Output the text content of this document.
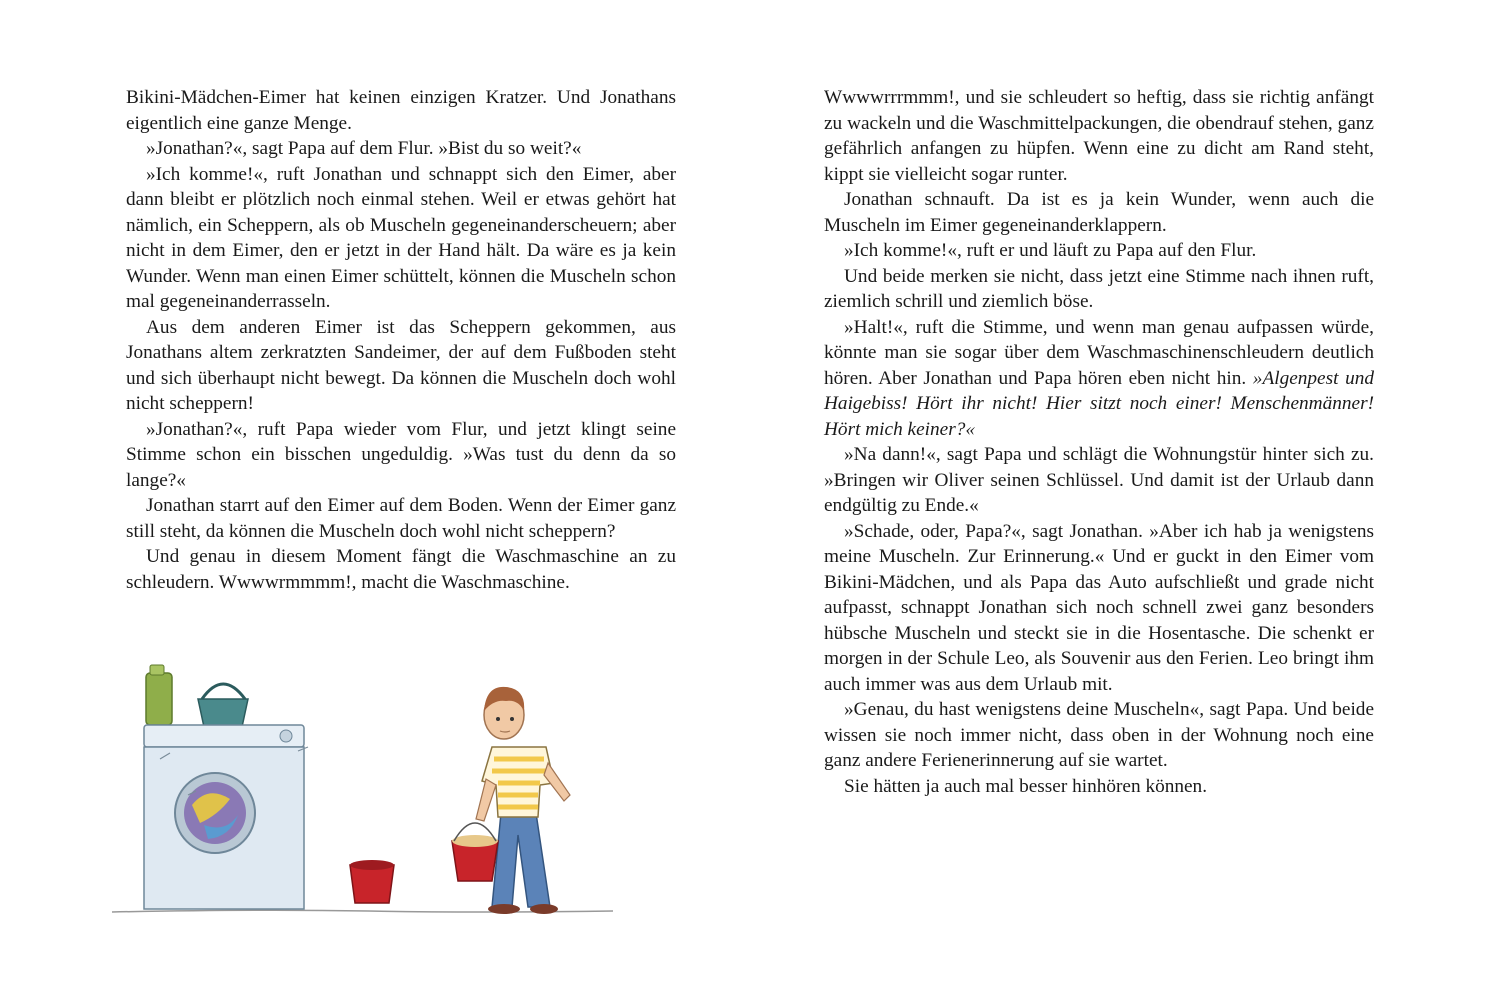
Bikini-Mädchen-Eimer hat keinen einzigen Kratzer. Und Jonathans eigentlich eine ganze Menge.

»Jonathan?«, sagt Papa auf dem Flur. »Bist du so weit?«

»Ich komme!«, ruft Jonathan und schnappt sich den Eimer, aber dann bleibt er plötzlich noch einmal stehen. Weil er etwas gehört hat nämlich, ein Scheppern, als ob Muscheln gegeneinanderscheuern; aber nicht in dem Eimer, den er jetzt in der Hand hält. Da wäre es ja kein Wunder. Wenn man einen Eimer schüttelt, können die Muscheln schon mal gegeneinanderrasseln.

Aus dem anderen Eimer ist das Scheppern gekommen, aus Jonathans altem zerkratzten Sandeimer, der auf dem Fußboden steht und sich überhaupt nicht bewegt. Da können die Muscheln doch wohl nicht scheppern!

»Jonathan?«, ruft Papa wieder vom Flur, und jetzt klingt seine Stimme schon ein bisschen ungeduldig. »Was tust du denn da so lange?«

Jonathan starrt auf den Eimer auf dem Boden. Wenn der Eimer ganz still steht, da können die Muscheln doch wohl nicht scheppern?

Und genau in diesem Moment fängt die Waschmaschine an zu schleudern. Wwwwrmmmm!, macht die Waschmaschine.

Wwwwrrrmmm!, und sie schleudert so heftig, dass sie richtig anfängt zu wackeln und die Waschmittelpackungen, die obendrauf stehen, ganz gefährlich anfangen zu hüpfen. Wenn eine zu dicht am Rand steht, kippt sie vielleicht sogar runter.

Jonathan schnauft. Da ist es ja kein Wunder, wenn auch die Muscheln im Eimer gegeneinanderklappern.

»Ich komme!«, ruft er und läuft zu Papa auf den Flur.

Und beide merken sie nicht, dass jetzt eine Stimme nach ihnen ruft, ziemlich schrill und ziemlich böse.

»Halt!«, ruft die Stimme, und wenn man genau aufpassen würde, könnte man sie sogar über dem Waschmaschinenschleudern deutlich hören. Aber Jonathan und Papa hören eben nicht hin. »Algenpest und Haigebiss! Hört ihr nicht! Hier sitzt noch einer! Menschenmänner! Hört mich keiner?«

»Na dann!«, sagt Papa und schlägt die Wohnungstür hinter sich zu. »Bringen wir Oliver seinen Schlüssel. Und damit ist der Urlaub dann endgültig zu Ende.«

»Schade, oder, Papa?«, sagt Jonathan. »Aber ich hab ja wenigstens meine Muscheln. Zur Erinnerung.« Und er guckt in den Eimer vom Bikini-Mädchen, und als Papa das Auto aufschließt und grade nicht aufpasst, schnappt Jonathan sich noch schnell zwei ganz besonders hübsche Muscheln und steckt sie in die Hosentasche. Die schenkt er morgen in der Schule Leo, als Souvenir aus den Ferien. Leo bringt ihm auch immer was aus dem Urlaub mit.

»Genau, du hast wenigstens deine Muscheln«, sagt Papa. Und beide wissen sie noch immer nicht, dass oben in der Wohnung noch eine ganz andere Ferienerinnerung auf sie wartet.

Sie hätten ja auch mal besser hinhören können.
